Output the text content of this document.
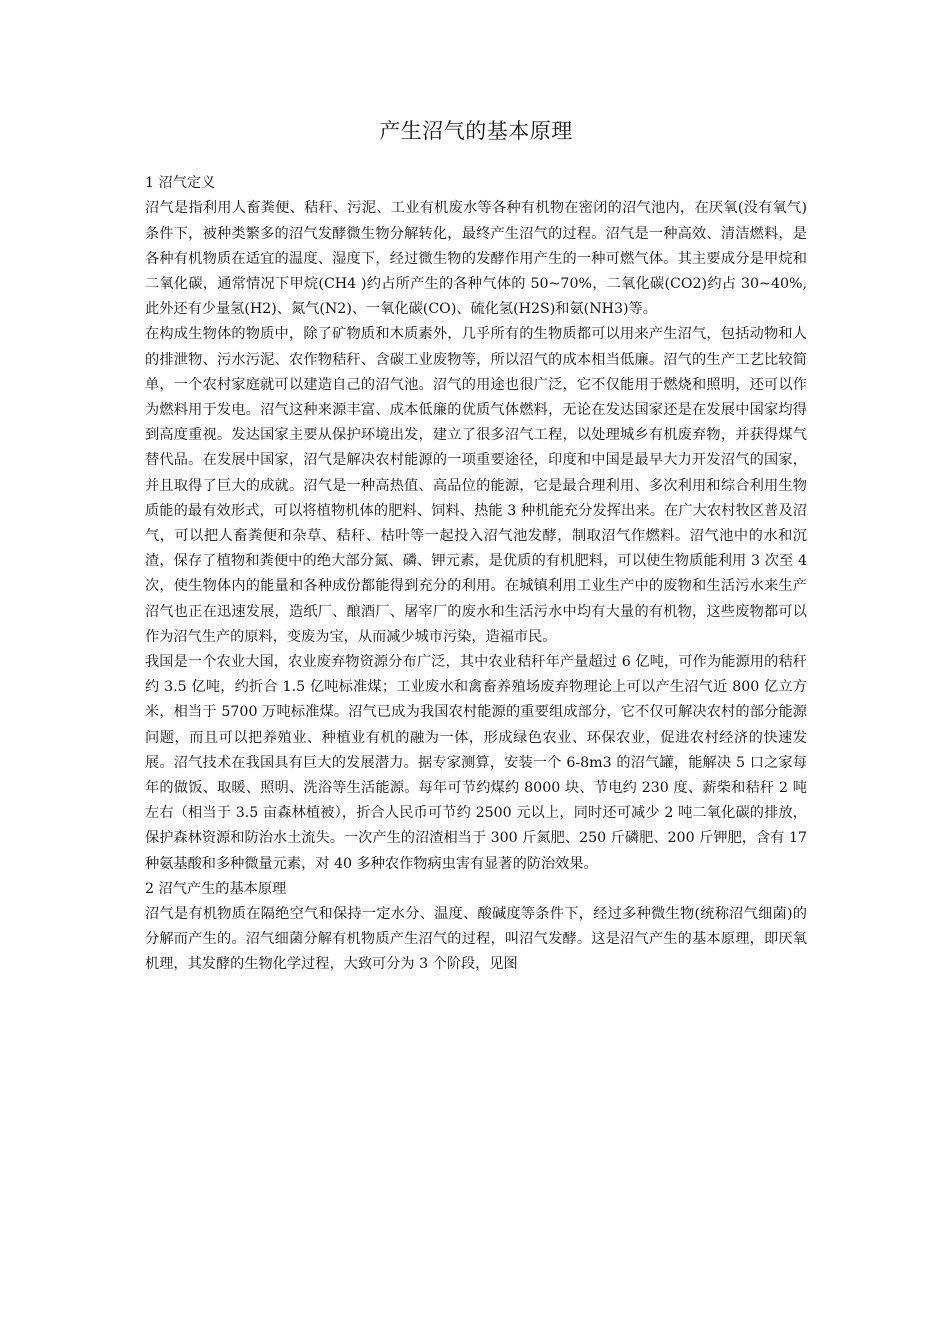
产生沼气的基本原理
1 沼气定义

沼气是指利用人畜粪便、秸秆、污泥、工业有机废水等各种有机物在密闭的沼气池内，在厌氧(没有氧气)条件下，被种类繁多的沼气发酵微生物分解转化，最终产生沼气的过程。沼气是一种高效、清洁燃料，是各种有机物质在适宜的温度、湿度下，经过微生物的发酵作用产生的一种可燃气体。其主要成分是甲烷和二氧化碳，通常情况下甲烷(CH4 )约占所产生的各种气体的 50~70%，二氧化碳(CO2)约占 30~40%,此外还有少量氢(H2)、氮气(N2)、一氧化碳(CO)、硫化氢(H2S)和氨(NH3)等。

在构成生物体的物质中，除了矿物质和木质素外，几乎所有的生物质都可以用来产生沼气，包括动物和人的排泄物、污水污泥、农作物秸秆、含碳工业废物等，所以沼气的成本相当低廉。沼气的生产工艺比较简单，一个农村家庭就可以建造自己的沼气池。沼气的用途也很广泛，它不仅能用于燃烧和照明，还可以作为燃料用于发电。沼气这种来源丰富、成本低廉的优质气体燃料，无论在发达国家还是在发展中国家均得到高度重视。发达国家主要从保护环境出发，建立了很多沼气工程，以处理城乡有机废弃物，并获得煤气替代品。在发展中国家，沼气是解决农村能源的一项重要途径，印度和中国是最早大力开发沼气的国家，并且取得了巨大的成就。沼气是一种高热值、高品位的能源，它是最合理利用、多次利用和综合利用生物质能的最有效形式，可以将植物机体的肥料、饲料、热能 3 种机能充分发挥出来。在广大农村牧区普及沼气，可以把人畜粪便和杂草、秸秆、枯叶等一起投入沼气池发酵，制取沼气作燃料。沼气池中的水和沉渣，保存了植物和粪便中的绝大部分氮、磷、钾元素，是优质的有机肥料，可以使生物质能利用 3 次至 4 次，使生物体内的能量和各种成份都能得到充分的利用。在城镇利用工业生产中的废物和生活污水来生产沼气也正在迅速发展，造纸厂、酿酒厂、屠宰厂的废水和生活污水中均有大量的有机物，这些废物都可以作为沼气生产的原料，变废为宝，从而减少城市污染，造福市民。

我国是一个农业大国，农业废弃物资源分布广泛，其中农业秸秆年产量超过 6 亿吨，可作为能源用的秸秆约 3.5 亿吨，约折合 1.5 亿吨标准煤；工业废水和禽畜养殖场废弃物理论上可以产生沼气近 800 亿立方米，相当于 5700 万吨标准煤。沼气已成为我国农村能源的重要组成部分，它不仅可解决农村的部分能源问题，而且可以把养殖业、种植业有机的融为一体，形成绿色农业、环保农业，促进农村经济的快速发展。沼气技术在我国具有巨大的发展潜力。据专家测算，安装一个 6-8m3 的沼气罐，能解决 5 口之家每年的做饭、取暖、照明、洗浴等生活能源。每年可节约煤约 8000 块、节电约 230 度、薪柴和秸秆 2 吨左右（相当于 3.5 亩森林植被），折合人民币可节约 2500 元以上，同时还可减少 2 吨二氧化碳的排放，保护森林资源和防治水土流失。一次产生的沼渣相当于 300 斤氮肥、250 斤磷肥、200 斤钾肥，含有 17 种氨基酸和多种微量元素，对 40 多种农作物病虫害有显著的防治效果。

2 沼气产生的基本原理

沼气是有机物质在隔绝空气和保持一定水分、温度、酸碱度等条件下，经过多种微生物(统称沼气细菌)的分解而产生的。沼气细菌分解有机物质产生沼气的过程，叫沼气发酵。这是沼气产生的基本原理，即厌氧机理，其发酵的生物化学过程，大致可分为 3 个阶段，见图
